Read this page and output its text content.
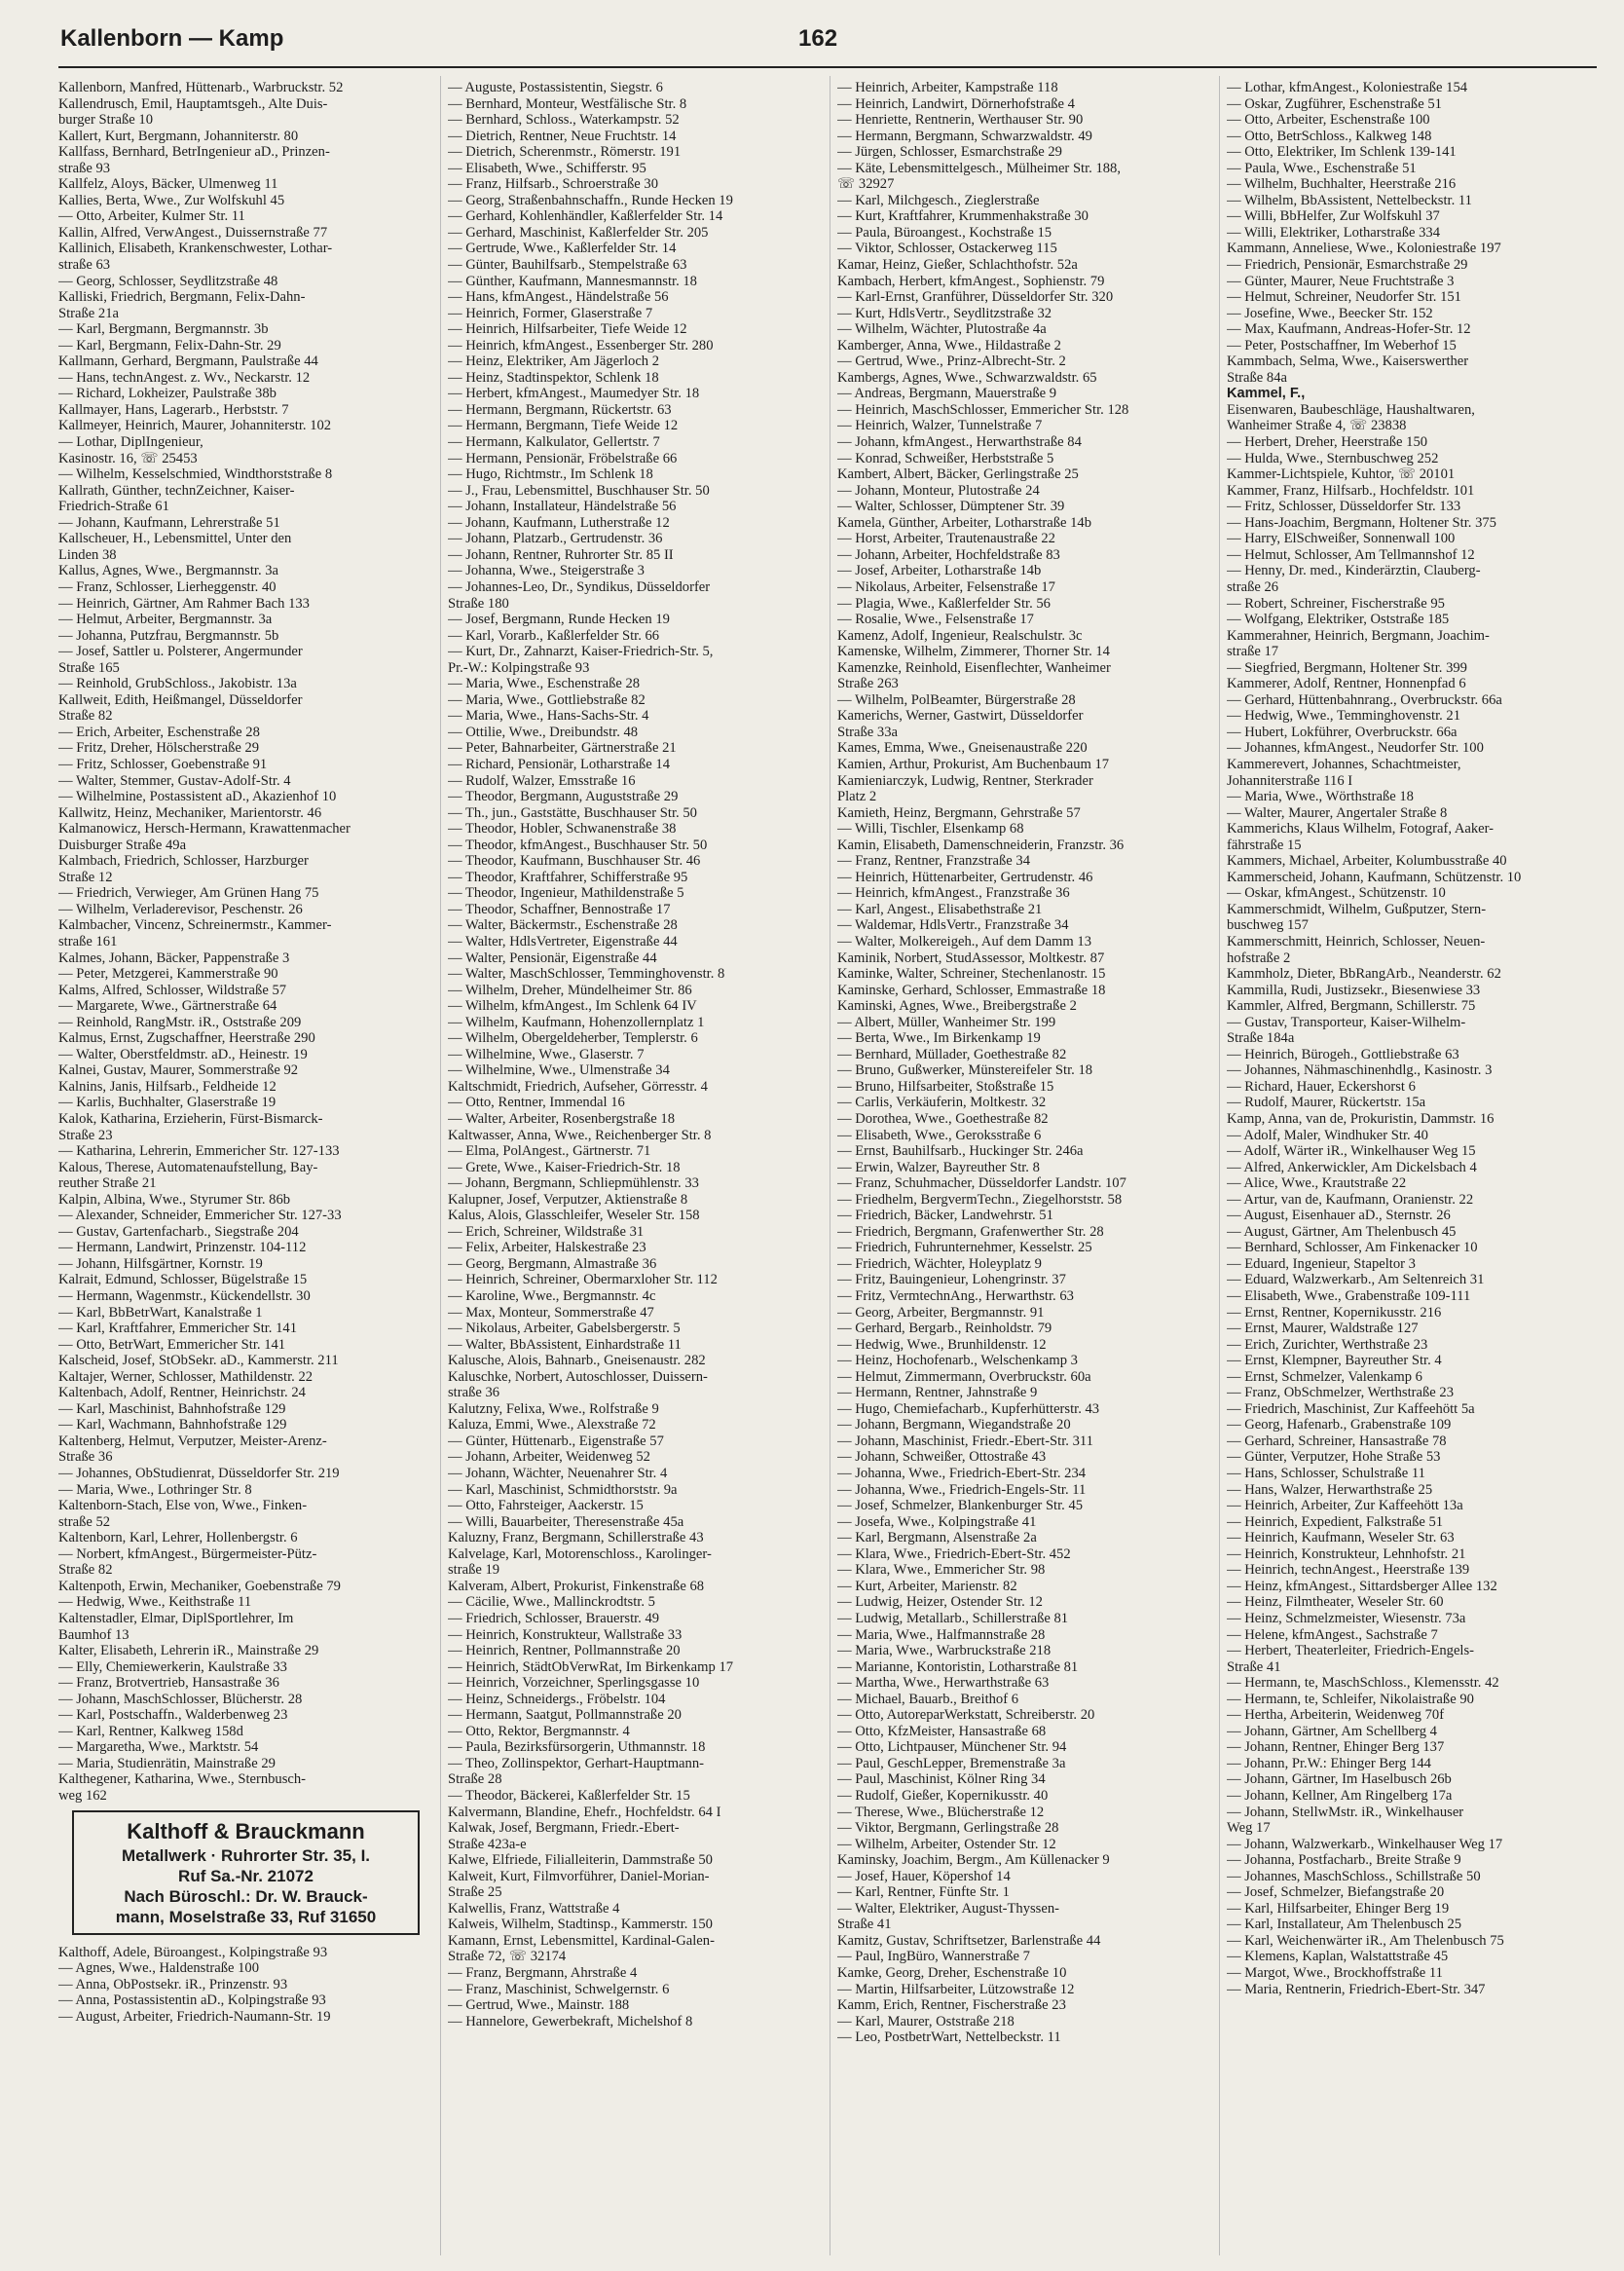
Kallenborn — Kamp	162
Kallenborn, Manfred, Hüttenarb., Warbruckstr. 52
Kallendrusch, Emil, Hauptamtsgeh., Alte Duis-
burger Straße 10
Kallert, Kurt, Bergmann, Johanniterstr. 80
Kallfass, Bernhard, BetrIngenieur aD., Prinzen-
straße 93
Kallfelz, Aloys, Bäcker, Ulmenweg 11
Kallies, Berta, Wwe., Zur Wolfskuhl 45
— Otto, Arbeiter, Kulmer Str. 11
Kallin, Alfred, VerwAngest., Duissernstraße 77
Kallinich, Elisabeth, Krankenschwester, Lothar-
straße 63
— Georg, Schlosser, Seydlitzstraße 48
Kalliski, Friedrich, Bergmann, Felix-Dahn-
Straße 21a
— Karl, Bergmann, Bergmannstr. 3b
— Karl, Bergmann, Felix-Dahn-Str. 29
Kallmann, Gerhard, Bergmann, Paulstraße 44
— Hans, technAngest. z. Wv., Neckarstr. 12
— Richard, Lokheizer, Paulstraße 38b
Kallmayer, Hans, Lagerarb., Herbststr. 7
Kallmeyer, Heinrich, Maurer, Johanniterstr. 102
— Lothar, DiplIngenieur,
Kasinostr. 16, ☏ 25453
— Wilhelm, Kesselschmied, Windthorststraße 8
Kallrath, Günther, technZeichner, Kaiser-
Friedrich-Straße 61
— Johann, Kaufmann, Lehrerstraße 51
Kallscheuer, H., Lebensmittel, Unter den
Linden 38
Kallus, Agnes, Wwe., Bergmannstr. 3a
— Franz, Schlosser, Lierheggenstr. 40
— Heinrich, Gärtner, Am Rahmer Bach 133
— Helmut, Arbeiter, Bergmannstr. 3a
— Johanna, Putzfrau, Bergmannstr. 5b
— Josef, Sattler u. Polsterer, Angermunder
Straße 165
— Reinhold, GrubSchloss., Jakobistr. 13a
Kallweit, Edith, Heißmangel, Düsseldorfer
Straße 82
— Erich, Arbeiter, Eschenstraße 28
— Fritz, Dreher, Hölscherstraße 29
— Fritz, Schlosser, Goebenstraße 91
— Walter, Stemmer, Gustav-Adolf-Str. 4
— Wilhelmine, Postassistent aD., Akazienhof 10
Kallwitz, Heinz, Mechaniker, Marientorstr. 46
Kalmanowicz, Hersch-Hermann, Krawattenmacher
Duisburger Straße 49a
Kalmbach, Friedrich, Schlosser, Harzburger
Straße 12
— Friedrich, Verwieger, Am Grünen Hang 75
— Wilhelm, Verladerevisor, Peschenstr. 26
Kalmbacher, Vincenz, Schreinermstr., Kammer-
straße 161
Kalmes, Johann, Bäcker, Pappenstraße 3
— Peter, Metzgerei, Kammerstraße 90
Kalms, Alfred, Schlosser, Wildstraße 57
— Margarete, Wwe., Gärtnerstraße 64
— Reinhold, RangMstr. iR., Oststraße 209
Kalmus, Ernst, Zugschaffner, Heerstraße 290
— Walter, Oberstfeldmstr. aD., Heinestr. 19
Kalnei, Gustav, Maurer, Sommerstraße 92
Kalnins, Janis, Hilfsarb., Feldheide 12
— Karlis, Buchhalter, Glaserstraße 19
Kalok, Katharina, Erzieherin, Fürst-Bismarck-
Straße 23
— Katharina, Lehrerin, Emmericher Str. 127-133
Kalous, Therese, Automatenaufstellung, Bay-
reuther Straße 21
Kalpin, Albina, Wwe., Styrumer Str. 86b
— Alexander, Schneider, Emmericher Str. 127-33
— Gustav, Gartenfacharb., Siegstraße 204
— Hermann, Landwirt, Prinzenstr. 104-112
— Johann, Hilfsgärtner, Kornstr. 19
Kalrait, Edmund, Schlosser, Bügelstraße 15
— Hermann, Wagenmstr., Kückendellstr. 30
— Karl, BbBetrWart, Kanalstraße 1
— Karl, Kraftfahrer, Emmericher Str. 141
— Otto, BetrWart, Emmericher Str. 141
Kalscheid, Josef, StObSekr. aD., Kammerstr. 211
Kaltajer, Werner, Schlosser, Mathildenstr. 22
Kaltenbach, Adolf, Rentner, Heinrichstr. 24
— Karl, Maschinist, Bahnhofstraße 129
— Karl, Wachmann, Bahnhofstraße 129
Kaltenberg, Helmut, Verputzer, Meister-Arenz-
Straße 36
— Johannes, ObStudienrat, Düsseldorfer Str. 219
— Maria, Wwe., Lothringer Str. 8
Kaltenborn-Stach, Else von, Wwe., Finken-
straße 52
Kaltenborn, Karl, Lehrer, Hollenbergstr. 6
— Norbert, kfmAngest., Bürgermeister-Pütz-
Straße 82
Kaltenpoth, Erwin, Mechaniker, Goebenstraße 79
— Hedwig, Wwe., Keithstraße 11
Kaltenstadler, Elmar, DiplSportlehrer, Im
Baumhof 13
Kalter, Elisabeth, Lehrerin iR., Mainstraße 29
— Elly, Chemiewerkerin, Kaulstraße 33
— Franz, Brotvertrieb, Hansastraße 36
— Johann, MaschSchlosser, Blücherstr. 28
— Karl, Postschaffn., Walderbenweg 23
— Karl, Rentner, Kalkweg 158d
— Margaretha, Wwe., Marktstr. 54
— Maria, Studienrätin, Mainstraße 29
Kalthegener, Katharina, Wwe., Sternbusch-
weg 162
Kalthoff & Brauckmann
Metallwerk · Ruhrorter Str. 35, I.
Ruf Sa.-Nr. 21072
Nach Büroschl.: Dr. W. Brauck-
mann, Moselstraße 33, Ruf 31650
Kalthoff, Adele, Büroangest., Kolpingstraße 93
— Agnes, Wwe., Haldenstraße 100
— Anna, ObPostsekr. iR., Prinzenstr. 93
— Anna, Postassistentin aD., Kolpingstraße 93
— August, Arbeiter, Friedrich-Naumann-Str. 19
— Auguste, Postassistentin, Siegstr. 6
— Bernhard, Monteur, Westfälische Str. 8
— Bernhard, Schloss., Waterkampstr. 52
— Dietrich, Rentner, Neue Fruchtstr. 14
— Dietrich, Scherenmstr., Römerstr. 191
— Elisabeth, Wwe., Schifferstr. 95
— Franz, Hilfsarb., Schroerstraße 30
— Georg, Straßenbahnschaffn., Runde Hecken 19
— Gerhard, Kohlenhändler, Kaßlerfelder Str. 14
— Gerhard, Maschinist, Kaßlerfelder Str. 205
— Gertrude, Wwe., Kaßlerfelder Str. 14
— Günter, Bauhilfsarb., Stempelstraße 63
— Günther, Kaufmann, Mannesmannstr. 18
— Hans, kfmAngest., Händelstraße 56
— Heinrich, Former, Glaserstraße 7
— Heinrich, Hilfsarbeiter, Tiefe Weide 12
— Heinrich, kfmAngest., Essenberger Str. 280
— Heinz, Elektriker, Am Jägerloch 2
— Heinz, Stadtinspektor, Schlenk 18
— Herbert, kfmAngest., Maumedyer Str. 18
— Hermann, Bergmann, Rückertstr. 63
— Hermann, Bergmann, Tiefe Weide 12
— Hermann, Kalkulator, Gellertstr. 7
— Hermann, Pensionär, Fröbelstraße 66
— Hugo, Richtmstr., Im Schlenk 18
— J., Frau, Lebensmittel, Buschhauser Str. 50
— Johann, Installateur, Händelstraße 56
— Johann, Kaufmann, Lutherstraße 12
— Johann, Platzarb., Gertrudenstr. 36
— Johann, Rentner, Ruhrorter Str. 85 II
— Johanna, Wwe., Steigerstraße 3
— Johannes-Leo, Dr., Syndikus, Düsseldorfer
Straße 180
— Josef, Bergmann, Runde Hecken 19
— Karl, Vorarb., Kaßlerfelder Str. 66
— Kurt, Dr., Zahnarzt, Kaiser-Friedrich-Str. 5,
Pr.-W.: Kolpingstraße 93
— Maria, Wwe., Eschenstraße 28
— Maria, Wwe., Gottliebstraße 82
— Maria, Wwe., Hans-Sachs-Str. 4
— Ottilie, Wwe., Dreibundstr. 48
— Peter, Bahnarbeiter, Gärtnerstraße 21
— Richard, Pensionär, Lotharstraße 14
— Rudolf, Walzer, Emsstraße 16
— Theodor, Bergmann, Auguststraße 29
— Th., jun., Gaststätte, Buschhauser Str. 50
— Theodor, Hobler, Schwanenstraße 38
— Theodor, kfmAngest., Buschhauser Str. 50
— Theodor, Kaufmann, Buschhauser Str. 46
— Theodor, Kraftfahrer, Schifferstraße 95
— Theodor, Ingenieur, Mathildenstraße 5
— Theodor, Schaffner, Bennostraße 17
— Walter, Bäckermstr., Eschenstraße 28
— Walter, HdlsVertreter, Eigenstraße 44
— Walter, Pensionär, Eigenstraße 44
— Walter, MaschSchlosser, Temminghovenstr. 8
— Wilhelm, Dreher, Mündelheimer Str. 86
— Wilhelm, kfmAngest., Im Schlenk 64 IV
— Wilhelm, Kaufmann, Hohenzollernplatz 1
— Wilhelm, Obergeldeherber, Templerstr. 6
— Wilhelmine, Wwe., Glaserstr. 7
— Wilhelmine, Wwe., Ulmenstraße 34
Kaltschmidt, Friedrich, Aufseher, Görresstr. 4
— Otto, Rentner, Immendal 16
— Walter, Arbeiter, Rosenbergstraße 18
Kaltwasser, Anna, Wwe., Reichenberger Str. 8
— Elma, PolAngest., Gärtnerstr. 71
— Grete, Wwe., Kaiser-Friedrich-Str. 18
— Johann, Bergmann, Schliepmühlenstr. 33
Kalupner, Josef, Verputzer, Aktienstraße 8
Kalus, Alois, Glasschleifer, Weseler Str. 158
— Erich, Schreiner, Wildstraße 31
— Felix, Arbeiter, Halskestraße 23
— Georg, Bergmann, Almastraße 36
— Heinrich, Schreiner, Obermarxloher Str. 112
— Karoline, Wwe., Bergmannstr. 4c
— Max, Monteur, Sommerstraße 47
— Nikolaus, Arbeiter, Gabelsbergerstr. 5
— Walter, BbAssistent, Einhardstraße 11
Kalusche, Alois, Bahnarb., Gneisenaustr. 282
Kaluschke, Norbert, Autoschlosser, Duissern-
straße 36
Kalutzny, Felixa, Wwe., Rolfstraße 9
Kaluza, Emmi, Wwe., Alexstraße 72
— Günter, Hüttenarb., Eigenstraße 57
— Johann, Arbeiter, Weidenweg 52
— Johann, Wächter, Neuenahrer Str. 4
— Karl, Maschinist, Schmidthorststr. 9a
— Otto, Fahrsteiger, Aackerstr. 15
— Willi, Bauarbeiter, Theresenstraße 45a
Kaluzny, Franz, Bergmann, Schillerstraße 43
Kalvelage, Karl, Motorenschloss., Karolinger-
straße 19
Kalveram, Albert, Prokurist, Finkenstraße 68
— Cäcilie, Wwe., Mallinckrodtstr. 5
— Friedrich, Schlosser, Brauerstr. 49
— Heinrich, Konstrukteur, Wallstraße 33
— Heinrich, Rentner, Pollmannstraße 20
— Heinrich, StädtObVerwRat, Im Birkenkamp 17
— Heinrich, Vorzeichner, Sperlingsgasse 10
— Heinz, Schneidergs., Fröbelstr. 104
— Hermann, Saatgut, Pollmannstraße 20
— Otto, Rektor, Bergmannstr. 4
— Paula, Bezirksfürsorgerin, Uthmannstr. 18
— Theo, Zollinspektor, Gerhart-Hauptmann-
Straße 28
— Theodor, Bäckerei, Kaßlerfelder Str. 15
Kalvermann, Blandine, Ehefr., Hochfeldstr. 64 I
Kalwak, Josef, Bergmann, Friedr.-Ebert-
Straße 423a-e
Kalwe, Elfriede, Filialleiterin, Dammstraße 50
Kalweit, Kurt, Filmvorführer, Daniel-Morian-
Straße 25
Kalwellis, Franz, Wattstraße 4
Kalweis, Wilhelm, Stadtinsp., Kammerstr. 150
Kamann, Ernst, Lebensmittel, Kardinal-Galen-
Straße 72, ☏ 32174
— Franz, Bergmann, Ahrstraße 4
— Franz, Maschinist, Schwelgernstr. 6
— Gertrud, Wwe., Mainstr. 188
— Hannelore, Gewerbekraft, Michelshof 8
— Heinrich, Arbeiter, Kampstraße 118
— Heinrich, Landwirt, Dörnerhofstraße 4
— Henriette, Rentnerin, Werthauser Str. 90
— Hermann, Bergmann, Schwarzwaldstr. 49
— Jürgen, Schlosser, Esmarchstraße 29
— Käte, Lebensmittelgesch., Mülheimer Str. 188,
☏ 32927
— Karl, Milchgesch., Zieglerstraße
— Kurt, Kraftfahrer, Krummenhakstraße 30
— Paula, Büroangest., Kochstraße 15
— Viktor, Schlosser, Ostackerweg 115
Kamar, Heinz, Gießer, Schlachthofstr. 52a
Kambach, Herbert, kfmAngest., Sophienstr. 79
— Karl-Ernst, Granführer, Düsseldorfer Str. 320
— Kurt, HdlsVertr., Seydlitzstraße 32
— Wilhelm, Wächter, Plutostraße 4a
Kamberger, Anna, Wwe., Hildastraße 2
— Gertrud, Wwe., Prinz-Albrecht-Str. 2
Kambergs, Agnes, Wwe., Schwarzwaldstr. 65
— Andreas, Bergmann, Mauerstraße 9
— Heinrich, MaschSchlosser, Emmericher Str. 128
— Heinrich, Walzer, Tunnelstraße 7
— Johann, kfmAngest., Herwarthstraße 84
— Konrad, Schweißer, Herbststraße 5
Kambert, Albert, Bäcker, Gerlingstraße 25
— Johann, Monteur, Plutostraße 24
— Walter, Schlosser, Dümptener Str. 39
Kamela, Günther, Arbeiter, Lotharstraße 14b
— Horst, Arbeiter, Trautenaustraße 22
— Johann, Arbeiter, Hochfeldstraße 83
— Josef, Arbeiter, Lotharstraße 14b
— Nikolaus, Arbeiter, Felsenstraße 17
— Plagia, Wwe., Kaßlerfelder Str. 56
— Rosalie, Wwe., Felsenstraße 17
Kamenz, Adolf, Ingenieur, Realschulstr. 3c
Kamenske, Wilhelm, Zimmerer, Thorner Str. 14
Kamenzke, Reinhold, Eisenflechter, Wanheimer
Straße 263
— Wilhelm, PolBeamter, Bürgerstraße 28
Kamerichs, Werner, Gastwirt, Düsseldorfer
Straße 33a
Kames, Emma, Wwe., Gneisenaustraße 220
Kamien, Arthur, Prokurist, Am Buchenbaum 17
Kamieniarczyk, Ludwig, Rentner, Sterkrader
Platz 2
Kamieth, Heinz, Bergmann, Gehrstraße 57
— Willi, Tischler, Elsenkamp 68
Kamin, Elisabeth, Damenschneiderin, Franzstr. 36
— Franz, Rentner, Franzstraße 34
— Heinrich, Hüttenarbeiter, Gertrudenstr. 46
— Heinrich, kfmAngest., Franzstraße 36
— Karl, Angest., Elisabethstraße 21
— Waldemar, HdlsVertr., Franzstraße 34
— Walter, Molkereigeh., Auf dem Damm 13
Kaminik, Norbert, StudAssessor, Moltkestr. 87
Kaminke, Walter, Schreiner, Stechenlanostr. 15
Kaminske, Gerhard, Schlosser, Emmastraße 18
Kaminski, Agnes, Wwe., Breibergstraße 2
— Albert, Müller, Wanheimer Str. 199
— Berta, Wwe., Im Birkenkamp 19
— Bernhard, Müllader, Goethestraße 82
— Bruno, Gußwerker, Münstereifeler Str. 18
— Bruno, Hilfsarbeiter, Stoßstraße 15
— Carlis, Verkäuferin, Moltkestr. 32
— Dorothea, Wwe., Goethestraße 82
— Elisabeth, Wwe., Geroksstraße 6
— Ernst, Bauhilfsarb., Huckinger Str. 246a
— Erwin, Walzer, Bayreuther Str. 8
— Franz, Schuhmacher, Düsseldorfer Landstr. 107
— Friedhelm, BergvermTechn., Ziegelhorststr. 58
— Friedrich, Bäcker, Landwehrstr. 51
— Friedrich, Bergmann, Grafenwerther Str. 28
— Friedrich, Fuhrunternehmer, Kesselstr. 25
— Friedrich, Wächter, Holeyplatz 9
— Fritz, Bauingenieur, Lohengrinstr. 37
— Fritz, VermtechnAng., Herwarthstr. 63
— Georg, Arbeiter, Bergmannstr. 91
— Gerhard, Bergarb., Reinholdstr. 79
— Hedwig, Wwe., Brunhildenstr. 12
— Heinz, Hochofenarb., Welschenkamp 3
— Helmut, Zimmermann, Overbruckstr. 60a
— Hermann, Rentner, Jahnstraße 9
— Hugo, Chemiefacharb., Kupferhütterstr. 43
— Johann, Bergmann, Wiegandstraße 20
— Johann, Maschinist, Friedr.-Ebert-Str. 311
— Johann, Schweißer, Ottostraße 43
— Johanna, Wwe., Friedrich-Ebert-Str. 234
— Johanna, Wwe., Friedrich-Engels-Str. 11
— Josef, Schmelzer, Blankenburger Str. 45
— Josefa, Wwe., Kolpingstraße 41
— Karl, Bergmann, Alsenstraße 2a
— Klara, Wwe., Friedrich-Ebert-Str. 452
— Klara, Wwe., Emmericher Str. 98
— Kurt, Arbeiter, Marienstr. 82
— Ludwig, Heizer, Ostender Str. 12
— Ludwig, Metallarb., Schillerstraße 81
— Maria, Wwe., Halfmannstraße 28
— Maria, Wwe., Warbruckstraße 218
— Marianne, Kontoristin, Lotharstraße 81
— Martha, Wwe., Herwarthstraße 63
— Michael, Bauarb., Breithof 6
— Otto, AutoreparWerkstatt, Schreiberstr. 20
— Otto, KfzMeister, Hansastraße 68
— Otto, Lichtpauser, Münchener Str. 94
— Paul, GeschLepper, Bremenstraße 3a
— Paul, Maschinist, Kölner Ring 34
— Rudolf, Gießer, Kopernikusstr. 40
— Therese, Wwe., Blücherstraße 12
— Viktor, Bergmann, Gerlingstraße 28
— Wilhelm, Arbeiter, Ostender Str. 12
Kaminsky, Joachim, Bergm., Am Küllenacker 9
— Josef, Hauer, Köpershof 14
— Karl, Rentner, Fünfte Str. 1
— Walter, Elektriker, August-Thyssen-
Straße 41
Kamitz, Gustav, Schriftsetzer, Barlenstraße 44
— Paul, IngBüro, Wannerstraße 7
Kamke, Georg, Dreher, Eschenstraße 10
— Martin, Hilfsarbeiter, Lützowstraße 12
Kamm, Erich, Rentner, Fischerstraße 23
— Karl, Maurer, Oststraße 218
— Leo, PostbetrWart, Nettelbeckstr. 11
— Lothar, kfmAngest., Koloniestraße 154
— Oskar, Zugführer, Eschenstraße 51
— Otto, Arbeiter, Eschenstraße 100
— Otto, BetrSchloss., Kalkweg 148
— Otto, Elektriker, Im Schlenk 139-141
— Paula, Wwe., Eschenstraße 51
— Wilhelm, Buchhalter, Heerstraße 216
— Wilhelm, BbAssistent, Nettelbeckstr. 11
— Willi, BbHelfer, Zur Wolfskuhl 37
— Willi, Elektriker, Lotharstraße 334
Kammann, Anneliese, Wwe., Koloniestraße 197
— Friedrich, Pensionär, Esmarchstraße 29
— Günter, Maurer, Neue Fruchtstraße 3
— Helmut, Schreiner, Neudorfer Str. 151
— Josefine, Wwe., Beecker Str. 152
— Max, Kaufmann, Andreas-Hofer-Str. 12
— Peter, Postschaffner, Im Weberhof 15
Kammbach, Selma, Wwe., Kaiserswerther
Straße 84a
Kammel, F.,
Eisenwaren, Baubeschläge, Haushaltwaren,
Wanheimer Straße 4, ☏ 23838
— Herbert, Dreher, Heerstraße 150
— Hulda, Wwe., Sternbuschweg 252
Kammer-Lichtspiele, Kuhtor, ☏ 20101
Kammer, Franz, Hilfsarb., Hochfeldstr. 101
— Fritz, Schlosser, Düsseldorfer Str. 133
— Hans-Joachim, Bergmann, Holtener Str. 375
— Harry, ElSchweißer, Sonnenwall 100
— Helmut, Schlosser, Am Tellmannshof 12
— Henny, Dr. med., Kinderärztin, Clauberg-
straße 26
— Robert, Schreiner, Fischerstraße 95
— Wolfgang, Elektriker, Oststraße 185
Kammerahner, Heinrich, Bergmann, Joachim-
straße 17
— Siegfried, Bergmann, Holtener Str. 399
Kammerer, Adolf, Rentner, Honnenpfad 6
— Gerhard, Hüttenbahnrang., Overbruckstr. 66a
— Hedwig, Wwe., Temminghovenstr. 21
— Hubert, Lokführer, Overbruckstr. 66a
— Johannes, kfmAngest., Neudorfer Str. 100
Kammerevert, Johannes, Schachtmeister,
Johanniterstraße 116 I
— Maria, Wwe., Wörthstraße 18
— Walter, Maurer, Angertaler Straße 8
Kammerichs, Klaus Wilhelm, Fotograf, Aaker-
fährstraße 15
Kammers, Michael, Arbeiter, Kolumbusstraße 40
Kammerscheid, Johann, Kaufmann, Schützenstr. 10
— Oskar, kfmAngest., Schützenstr. 10
Kammerschmidt, Wilhelm, Gußputzer, Stern-
buschweg 157
Kammerschmitt, Heinrich, Schlosser, Neuen-
hofstraße 2
Kammholz, Dieter, BbRangArb., Neanderstr. 62
Kammilla, Rudi, Justizsekr., Biesenwiese 33
Kammler, Alfred, Bergmann, Schillerstr. 75
— Gustav, Transporteur, Kaiser-Wilhelm-
Straße 184a
— Heinrich, Bürogeh., Gottliebstraße 63
— Johannes, Nähmaschinenhdlg., Kasinostr. 3
— Richard, Hauer, Eckershorst 6
— Rudolf, Maurer, Rückertstr. 15a
Kamp, Anna, van de, Prokuristin, Dammstr. 16
— Adolf, Maler, Windhuker Str. 40
— Adolf, Wärter iR., Winkelhauser Weg 15
— Alfred, Ankerwickler, Am Dickelsbach 4
— Alice, Wwe., Krautstraße 22
— Artur, van de, Kaufmann, Oranienstr. 22
— August, Eisenhauer aD., Sternstr. 26
— August, Gärtner, Am Thelenbusch 45
— Bernhard, Schlosser, Am Finkenacker 10
— Eduard, Ingenieur, Stapeltor 3
— Eduard, Walzwerkarb., Am Seltenreich 31
— Elisabeth, Wwe., Grabenstraße 109-111
— Ernst, Rentner, Kopernikusstr. 216
— Ernst, Maurer, Waldstraße 127
— Erich, Zurichter, Werthstraße 23
— Ernst, Klempner, Bayreuther Str. 4
— Ernst, Schmelzer, Valenkamp 6
— Franz, ObSchmelzer, Werthstraße 23
— Friedrich, Maschinist, Zur Kaffeehött 5a
— Georg, Hafenarb., Grabenstraße 109
— Gerhard, Schreiner, Hansastraße 78
— Günter, Verputzer, Hohe Straße 53
— Hans, Schlosser, Schulstraße 11
— Hans, Walzer, Herwarthstraße 25
— Heinrich, Arbeiter, Zur Kaffeehött 13a
— Heinrich, Expedient, Falkstraße 51
— Heinrich, Kaufmann, Weseler Str. 63
— Heinrich, Konstrukteur, Lehnhofstr. 21
— Heinrich, technAngest., Heerstraße 139
— Heinz, kfmAngest., Sittardsberger Allee 132
— Heinz, Filmtheater, Weseler Str. 60
— Heinz, Schmelzmeister, Wiesenstr. 73a
— Helene, kfmAngest., Sachstraße 7
— Herbert, Theaterleiter, Friedrich-Engels-
Straße 41
— Hermann, te, MaschSchloss., Klemensstr. 42
— Hermann, te, Schleifer, Nikolaistraße 90
— Hertha, Arbeiterin, Weidenweg 70f
— Johann, Gärtner, Am Schellberg 4
— Johann, Rentner, Ehinger Berg 137
— Johann, Pr.W.: Ehinger Berg 144
— Johann, Gärtner, Im Haselbusch 26b
— Johann, Kellner, Am Ringelberg 17a
— Johann, StellwMstr. iR., Winkelhauser
Weg 17
— Johann, Walzwerkarb., Winkelhauser Weg 17
— Johanna, Postfacharb., Breite Straße 9
— Johannes, MaschSchloss., Schillstraße 50
— Josef, Schmelzer, Biefangstraße 20
— Karl, Hilfsarbeiter, Ehinger Berg 19
— Karl, Installateur, Am Thelenbusch 25
— Karl, Weichenwärter iR., Am Thelenbusch 75
— Klemens, Kaplan, Walstattstraße 45
— Margot, Wwe., Brockhoffstraße 11
— Maria, Rentnerin, Friedrich-Ebert-Str. 347
